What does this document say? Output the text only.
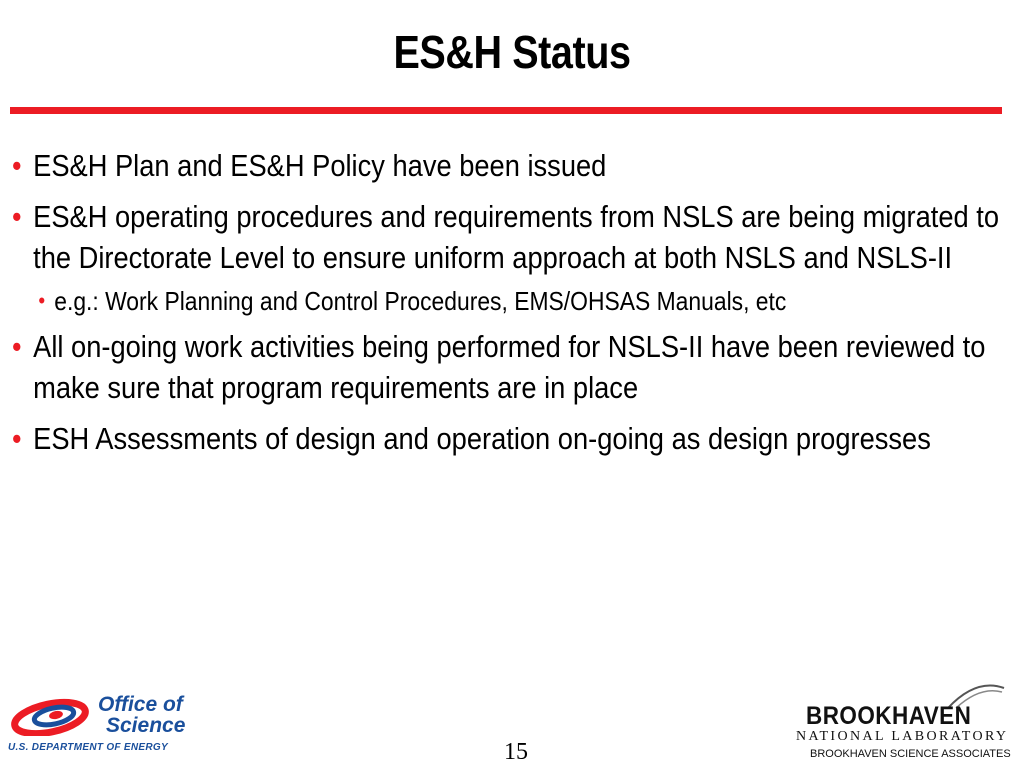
ES&H Status
• ES&H Plan and ES&H Policy have been issued
• ES&H operating procedures and requirements from NSLS are being migrated to the Directorate Level to ensure uniform approach at both NSLS and NSLS-II
• e.g.: Work Planning and Control Procedures, EMS/OHSAS Manuals, etc
• All on-going work activities being performed for NSLS-II have been reviewed to make sure that program requirements are in place
• ESH Assessments of design and operation on-going as design progresses
Office of
Science
U.S. DEPARTMENT OF ENERGY	15
BROOKHAVEN
NATIONAL LABORATORY
BROOKHAVEN SCIENCE ASSOCIATES
